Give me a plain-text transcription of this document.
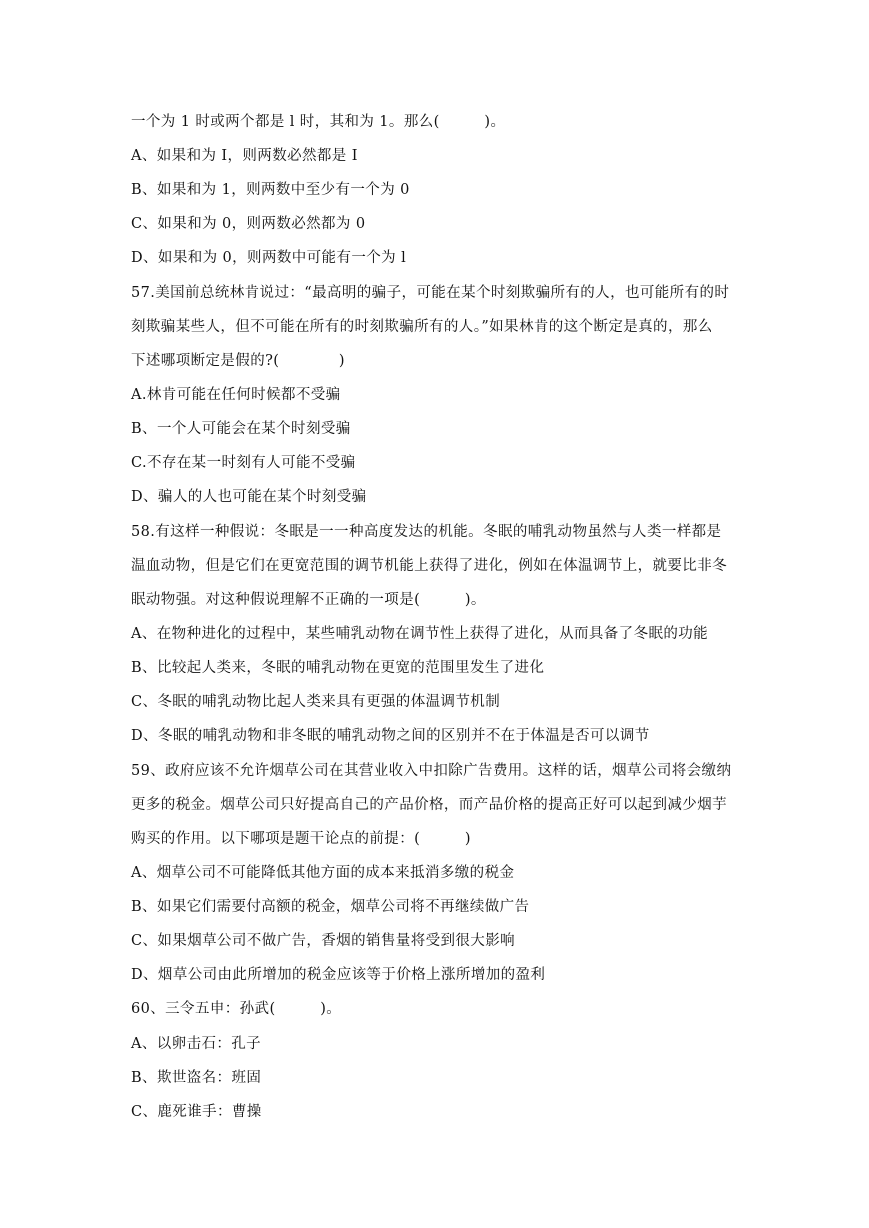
一个为 1 时或两个都是 l 时，其和为 1。那么(　　　)。
A、如果和为 I，则两数必然都是 I
B、如果和为 1，则两数中至少有一个为 0
C、如果和为 0，则两数必然都为 0
D、如果和为 0，则两数中可能有一个为 l
57.美国前总统林肯说过：“最高明的骗子，可能在某个时刻欺骗所有的人，也可能所有的时
刻欺骗某些人，但不可能在所有的时刻欺骗所有的人。”如果林肯的这个断定是真的，那么
下述哪项断定是假的?(　　　　)
A.林肯可能在任何时候都不受骗
B、一个人可能会在某个时刻受骗
C.不存在某一时刻有人可能不受骗
D、骗人的人也可能在某个时刻受骗
58.有这样一种假说：冬眠是一一种高度发达的机能。冬眠的哺乳动物虽然与人类一样都是
温血动物，但是它们在更宽范围的调节机能上获得了进化，例如在体温调节上，就要比非冬
眠动物强。对这种假说理解不正确的一项是(　　　)。
A、在物种进化的过程中，某些哺乳动物在调节性上获得了进化，从而具备了冬眠的功能
B、比较起人类来，冬眠的哺乳动物在更宽的范围里发生了进化
C、冬眠的哺乳动物比起人类来具有更强的体温调节机制
D、冬眠的哺乳动物和非冬眠的哺乳动物之间的区别并不在于体温是否可以调节
59、政府应该不允许烟草公司在其营业收入中扣除广告费用。这样的话，烟草公司将会缴纳
更多的税金。烟草公司只好提高自己的产品价格，而产品价格的提高正好可以起到减少烟芋
购买的作用。以下哪项是题干论点的前提：(　　　)
A、烟草公司不可能降低其他方面的成本来抵消多缴的税金
B、如果它们需要付高额的税金，烟草公司将不再继续做广告
C、如果烟草公司不做广告，香烟的销售量将受到很大影响
D、烟草公司由此所增加的税金应该等于价格上涨所增加的盈利
60、三令五申：孙武(　　　)。
A、以卵击石：孔子
B、欺世盗名：班固
C、鹿死谁手：曹操
